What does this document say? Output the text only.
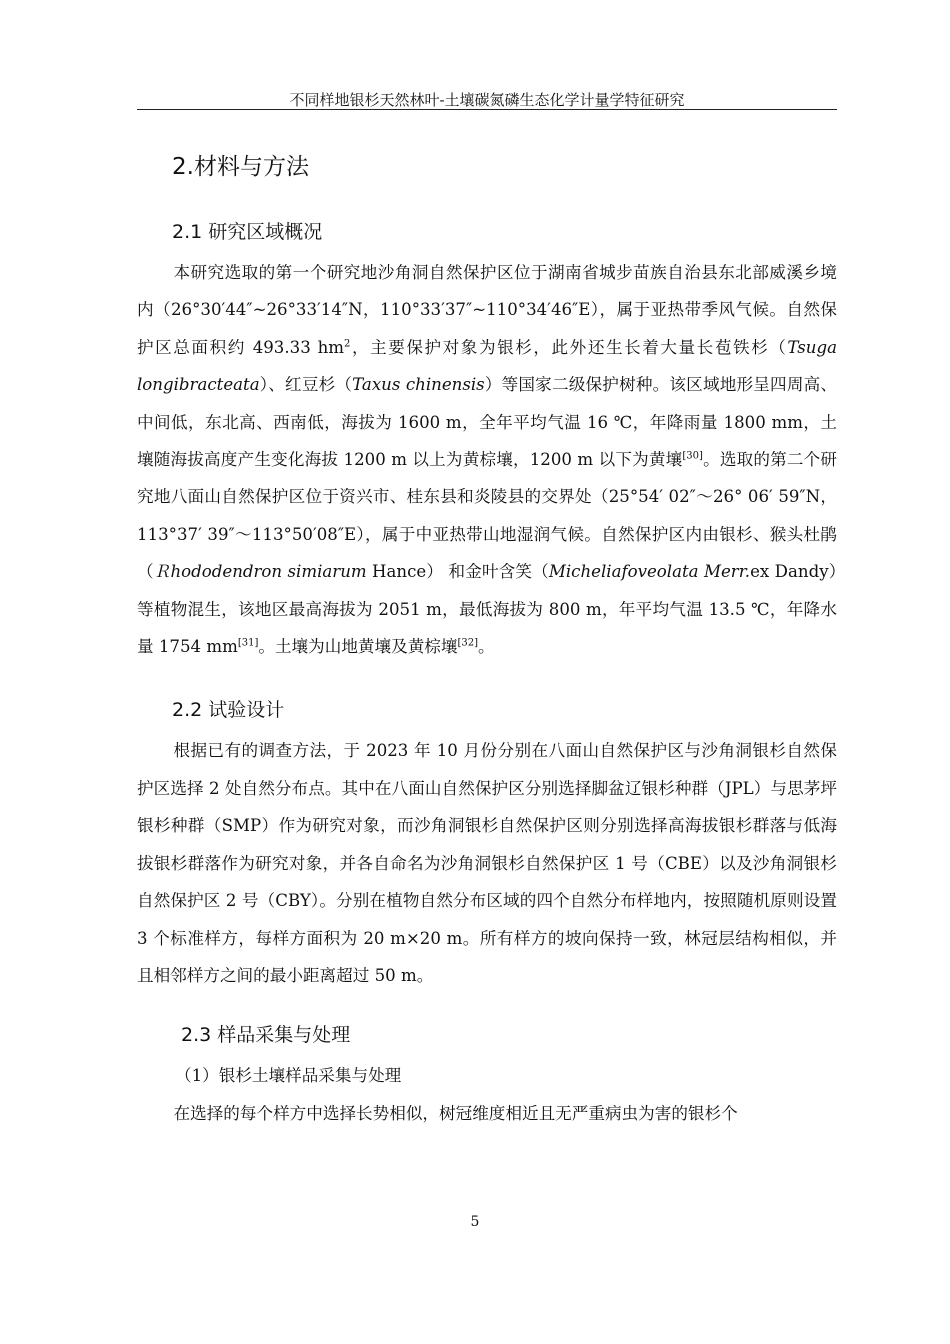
不同样地银杉天然林叶-土壤碳氮磷生态化学计量学特征研究
2.材料与方法
2.1 研究区域概况

本研究选取的第一个研究地沙角洞自然保护区位于湖南省城步苗族自治县东北部威溪乡境内（26°30′44″~26°33′14″N，110°33′37″~110°34′46″E），属于亚热带季风气候。自然保护区总面积约 493.33 $hm^2$，主要保护对象为银杉，此外还生长着大量长苞铁杉（Tsuga longibracteata）、红豆杉（Taxus chinensis）等国家二级保护树种。该区域地形呈四周高、中间低，东北高、西南低，海拔为 1600 m，全年平均气温 16 ℃，年降雨量 1800 mm，土壤随海拔高度产生变化海拔 1200 m 以上为黄棕壤，1200 m 以下为黄壤[30]。选取的第二个研究地八面山自然保护区位于资兴市、桂东县和炎陵县的交界处（25°54′ 02″～26° 06′ 59″N，113°37′ 39″～113°50′08″E），属于中亚热带山地湿润气候。自然保护区内由银杉、猴头杜鹃（Ｒhododendron simiarum Hance） 和金叶含笑（Micheliafoveolata Merr.ex Dandy）等植物混生，该地区最高海拔为 2051 m，最低海拔为 800 m，年平均气温 13.5 ℃，年降水量 1754 mm[31]。土壤为山地黄壤及黄棕壤[32]。

2.2 试验设计

根据已有的调查方法，于 2023 年 10 月份分别在八面山自然保护区与沙角洞银杉自然保护区选择 2 处自然分布点。其中在八面山自然保护区分别选择脚盆辽银杉种群（JPL）与思茅坪银杉种群（SMP）作为研究对象，而沙角洞银杉自然保护区则分别选择高海拔银杉群落与低海拔银杉群落作为研究对象，并各自命名为沙角洞银杉自然保护区 1 号（CBE）以及沙角洞银杉自然保护区 2 号（CBY）。分别在植物自然分布区域的四个自然分布样地内，按照随机原则设置 3 个标准样方，每样方面积为 20 m×20 m。所有样方的坡向保持一致，林冠层结构相似，并且相邻样方之间的最小距离超过 50 m。

2.3 样品采集与处理

（1）银杉土壤样品采集与处理

在选择的每个样方中选择长势相似，树冠维度相近且无严重病虫为害的银杉个

5
